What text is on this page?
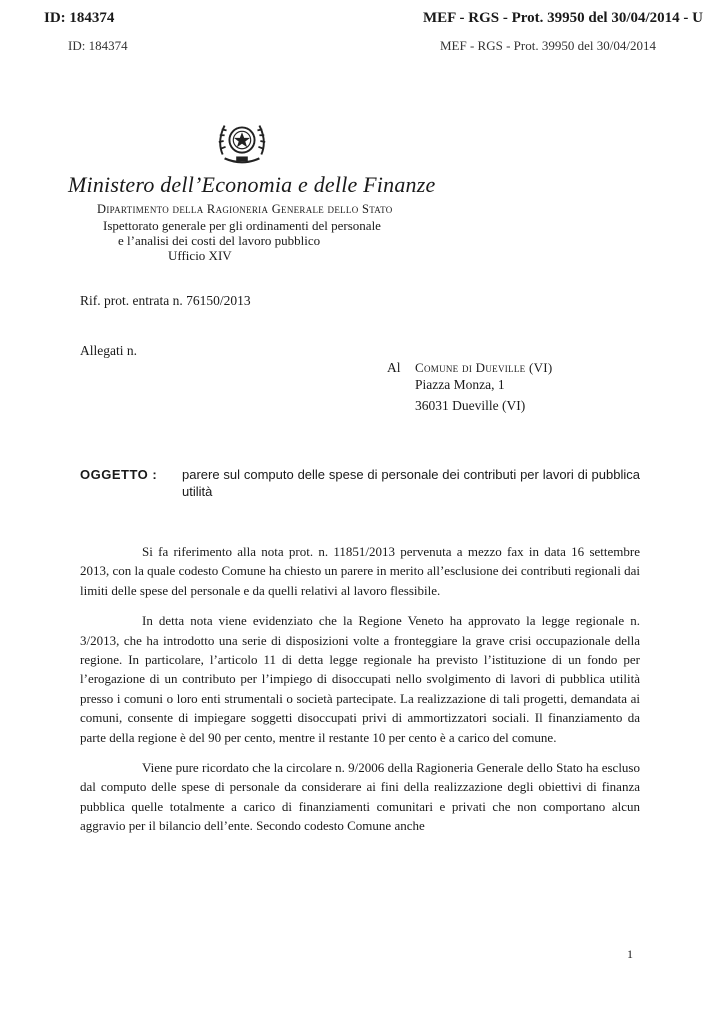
ID: 184374	MEF - RGS - Prot. 39950 del 30/04/2014 - U
ID: 184374	MEF - RGS - Prot. 39950 del 30/04/2014
Ministero dell’Economia e delle Finanze
Dipartimento della Ragioneria Generale dello Stato
Ispettorato generale per gli ordinamenti del personale
e l’analisi dei costi del lavoro pubblico
Ufficio XIV
Rif. prot. entrata n. 76150/2013
Allegati n.
Al Comune di Dueville (VI)
Piazza Monza, 1
36031 Dueville (VI)
OGGETTO :	parere sul computo delle spese di personale dei contributi per lavori di pubblica utilità

Si fa riferimento alla nota prot. n. 11851/2013 pervenuta a mezzo fax in data 16 settembre 2013, con la quale codesto Comune ha chiesto un parere in merito all’esclusione dei contributi regionali dai limiti delle spese del personale e da quelli relativi al lavoro flessibile.

In detta nota viene evidenziato che la Regione Veneto ha approvato la legge regionale n. 3/2013, che ha introdotto una serie di disposizioni volte a fronteggiare la grave crisi occupazionale della regione. In particolare, l’articolo 11 di detta legge regionale ha previsto l’istituzione di un fondo per l’erogazione di un contributo per l’impiego di disoccupati nello svolgimento di lavori di pubblica utilità presso i comuni o loro enti strumentali o società partecipate. La realizzazione di tali progetti, demandata ai comuni, consente di impiegare soggetti disoccupati privi di ammortizzatori sociali. Il finanziamento da parte della regione è del 90 per cento, mentre il restante 10 per cento è a carico del comune.

Viene pure ricordato che la circolare n. 9/2006 della Ragioneria Generale dello Stato ha escluso dal computo delle spese di personale da considerare ai fini della realizzazione degli obiettivi di finanza pubblica quelle totalmente a carico di finanziamenti comunitari e privati che non comportano alcun aggravio per il bilancio dell’ente. Secondo codesto Comune anche

1
